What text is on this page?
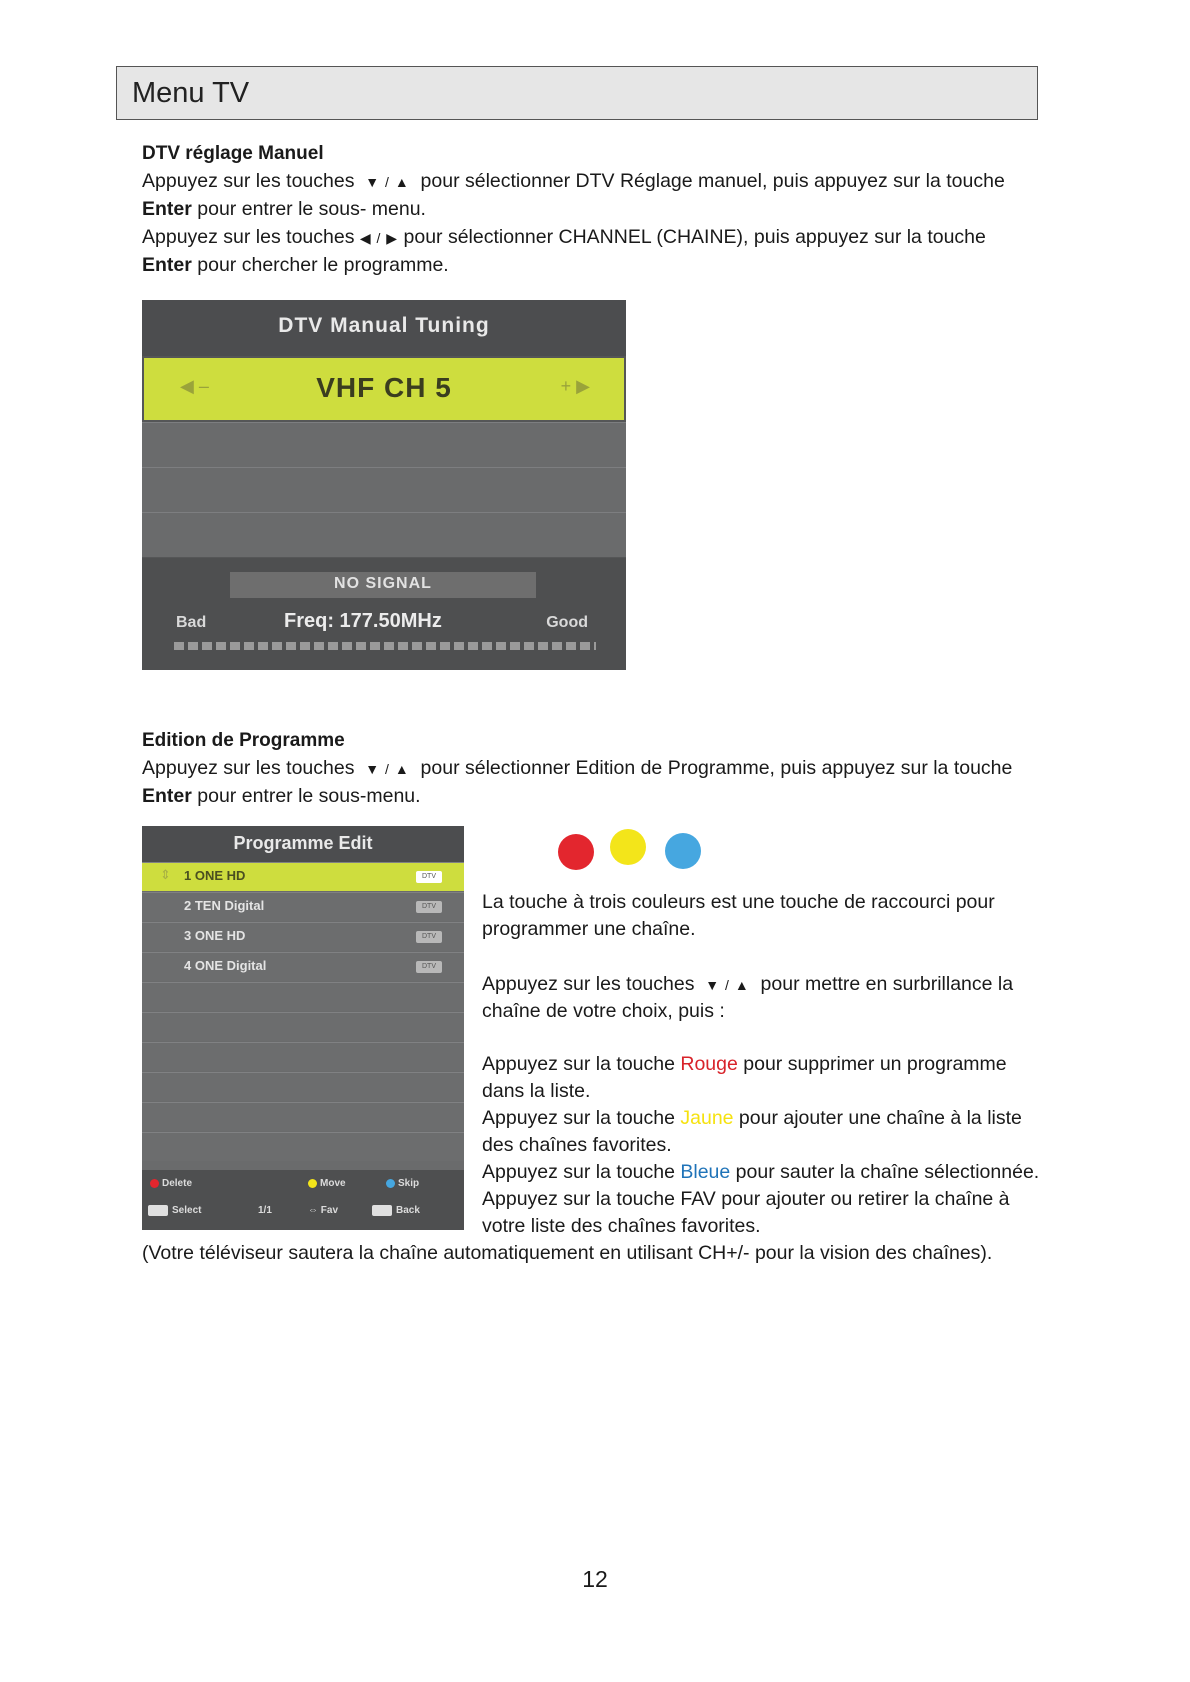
Menu TV
DTV réglage Manuel
Appuyez sur les touches ▼ / ▲ pour sélectionner DTV Réglage manuel, puis appuyez sur la touche
Enter pour entrer le sous- menu.
Appuyez sur les touches ◀ / ▶ pour sélectionner CHANNEL (CHAINE), puis appuyez sur la touche
Enter pour chercher le programme.
DTV Manual Tuning
◀ –	VHF CH 5	+ ▶
NO SIGNAL
Bad	Freq: 177.50MHz	Good
Edition de Programme
Appuyez sur les touches ▼ / ▲ pour sélectionner Edition de Programme, puis appuyez sur la touche
Enter pour entrer le sous-menu.
Programme Edit
⇕ 1 ONE HD	DTV
2 TEN Digital	DTV
3 ONE HD	DTV
4 ONE Digital	DTV
Delete	Move	Skip
Select	1/1	⇔ Fav	Back
La touche à trois couleurs est une touche de raccourci pour
programmer une chaîne.
Appuyez sur les touches ▼ / ▲ pour mettre en surbrillance la
chaîne de votre choix, puis :
Appuyez sur la touche Rouge pour supprimer un programme
dans la liste.
Appuyez sur la touche Jaune pour ajouter une chaîne à la liste
des chaînes favorites.
Appuyez sur la touche Bleue pour sauter la chaîne sélectionnée.
Appuyez sur la touche FAV pour ajouter ou retirer la chaîne à
votre liste des chaînes favorites.
(Votre téléviseur sautera la chaîne automatiquement en utilisant CH+/- pour la vision des chaînes).
12
